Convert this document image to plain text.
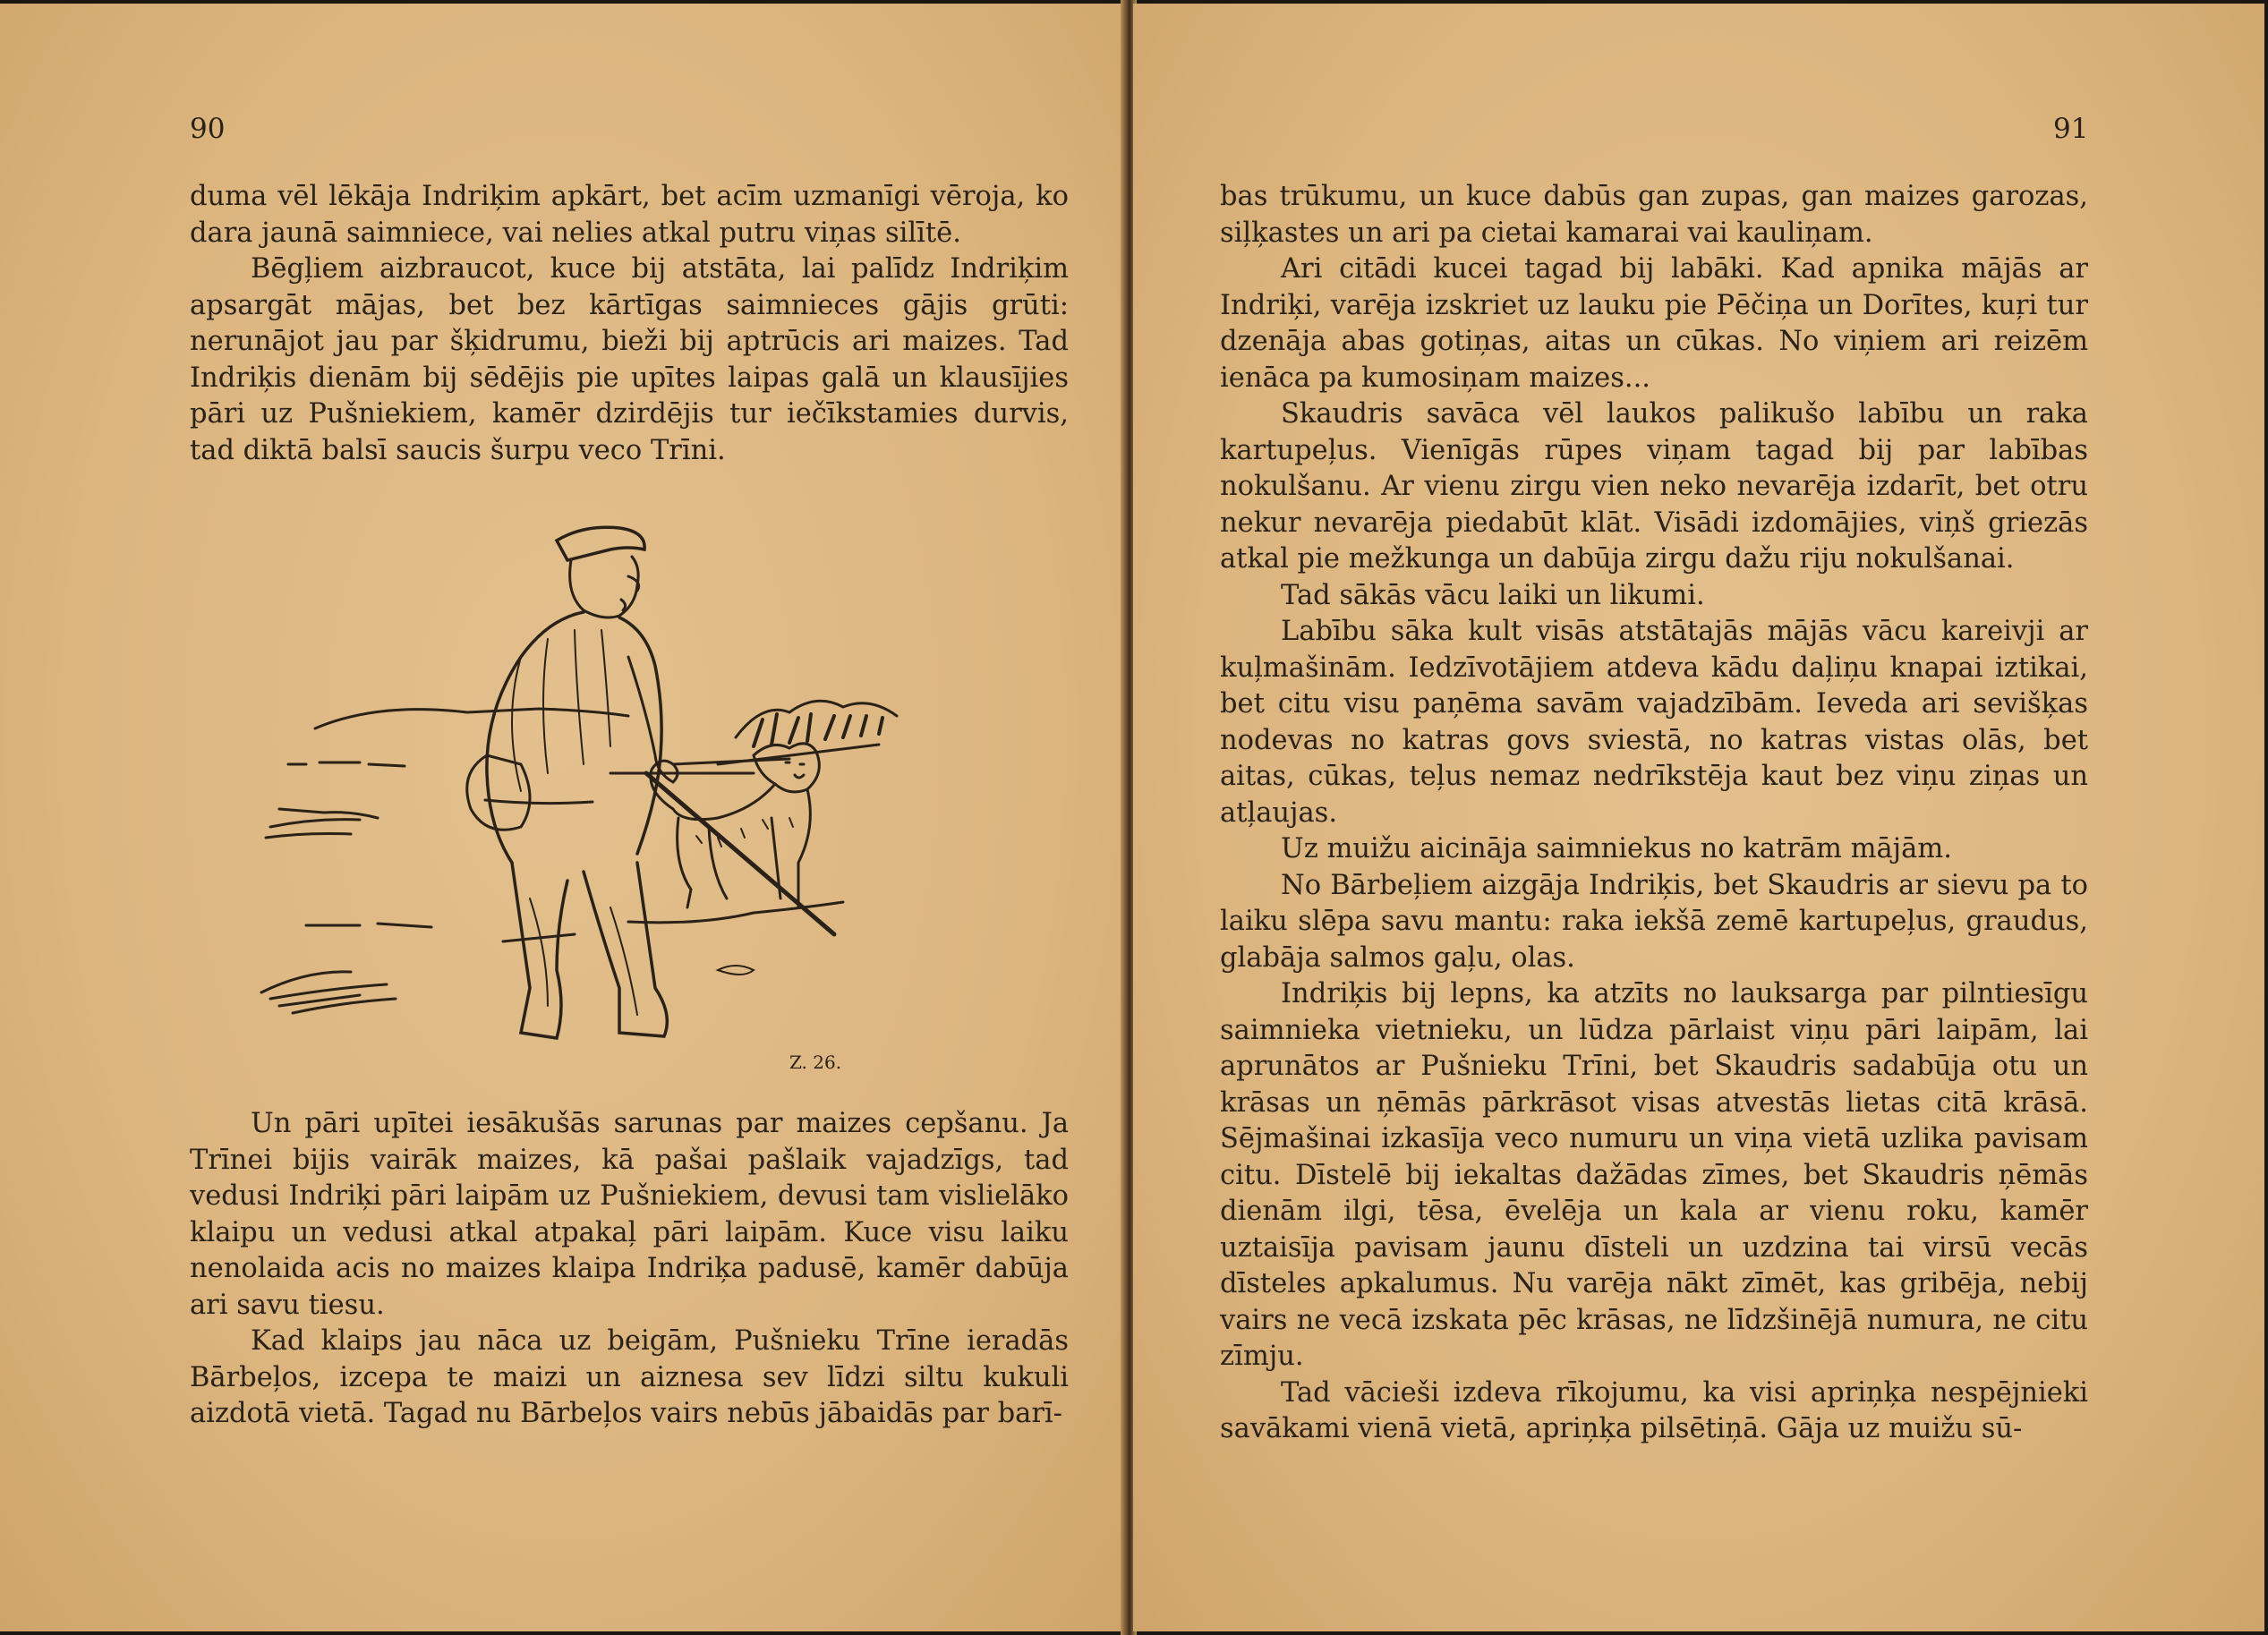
90

duma vēl lēkāja Indriķim apkārt, bet acīm uzmanīgi vēroja, ko dara jaunā saimniece, vai nelies atkal putru viņas silītē.

Bēgļiem aizbraucot, kuce bij atstāta, lai palīdz Indriķim apsargāt mājas, bet bez kārtīgas saimnieces gājis grūti: nerunājot jau par šķidrumu, bieži bij aptrūcis ari maizes. Tad Indriķis dienām bij sēdējis pie upītes laipas galā un klausījies pāri uz Pušniekiem, kamēr dzirdējis tur iečīkstamies durvis, tad diktā balsī saucis šurpu veco Trīni.

Z. 26.

Un pāri upītei iesākušās sarunas par maizes cepšanu. Ja Trīnei bijis vairāk maizes, kā pašai pašlaik vajadzīgs, tad vedusi Indriķi pāri laipām uz Pušniekiem, devusi tam vislielāko klaipu un vedusi atkal atpakaļ pāri laipām. Kuce visu laiku nenolaida acis no maizes klaipa Indriķa padusē, kamēr dabūja ari savu tiesu.

Kad klaips jau nāca uz beigām, Pušnieku Trīne ieradās Bārbeļos, izcepa te maizi un aiznesa sev līdzi siltu kukuli aizdotā vietā. Tagad nu Bārbeļos vairs nebūs jābaidās par barī-

91

bas trūkumu, un kuce dabūs gan zupas, gan maizes garozas, siļķastes un ari pa cietai kamarai vai kauliņam.

Ari citādi kucei tagad bij labāki. Kad apnika mājās ar Indriķi, varēja izskriet uz lauku pie Pēčiņa un Dorītes, kuŗi tur dzenāja abas gotiņas, aitas un cūkas. No viņiem ari reizēm ienāca pa kumosiņam maizes...

Skaudris savāca vēl laukos palikušo labību un raka kartupeļus. Vienīgās rūpes viņam tagad bij par labības nokulšanu. Ar vienu zirgu vien neko nevarēja izdarīt, bet otru nekur nevarēja piedabūt klāt. Visādi izdomājies, viņš griezās atkal pie mežkunga un dabūja zirgu dažu riju nokulšanai.

Tad sākās vācu laiki un likumi.

Labību sāka kult visās atstātajās mājās vācu kareivji ar kuļmašinām. Iedzīvotājiem atdeva kādu daļiņu knapai iztikai, bet citu visu paņēma savām vajadzībām. Ieveda ari sevišķas nodevas no katras govs sviestā, no katras vistas olās, bet aitas, cūkas, teļus nemaz nedrīkstēja kaut bez viņu ziņas un atļaujas.

Uz muižu aicināja saimniekus no katrām mājām.

No Bārbeļiem aizgāja Indriķis, bet Skaudris ar sievu pa to laiku slēpa savu mantu: raka iekšā zemē kartupeļus, graudus, glabāja salmos gaļu, olas.

Indriķis bij lepns, ka atzīts no lauksarga par pilntiesīgu saimnieka vietnieku, un lūdza pārlaist viņu pāri laipām, lai aprunātos ar Pušnieku Trīni, bet Skaudris sadabūja otu un krāsas un ņēmās pārkrāsot visas atvestās lietas citā krāsā. Sējmašinai izkasīja veco numuru un viņa vietā uzlika pavisam citu. Dīstelē bij iekaltas dažādas zīmes, bet Skaudris ņēmās dienām ilgi, tēsa, ēvelēja un kala ar vienu roku, kamēr uztaisīja pavisam jaunu dīsteli un uzdzina tai virsū vecās dīsteles apkalumus. Nu varēja nākt zīmēt, kas gribēja, nebij vairs ne vecā izskata pēc krāsas, ne līdzšinējā numura, ne citu zīmju.

Tad vācieši izdeva rīkojumu, ka visi apriņķa nespējnieki savākami vienā vietā, apriņķa pilsētiņā. Gāja uz muižu sū-
